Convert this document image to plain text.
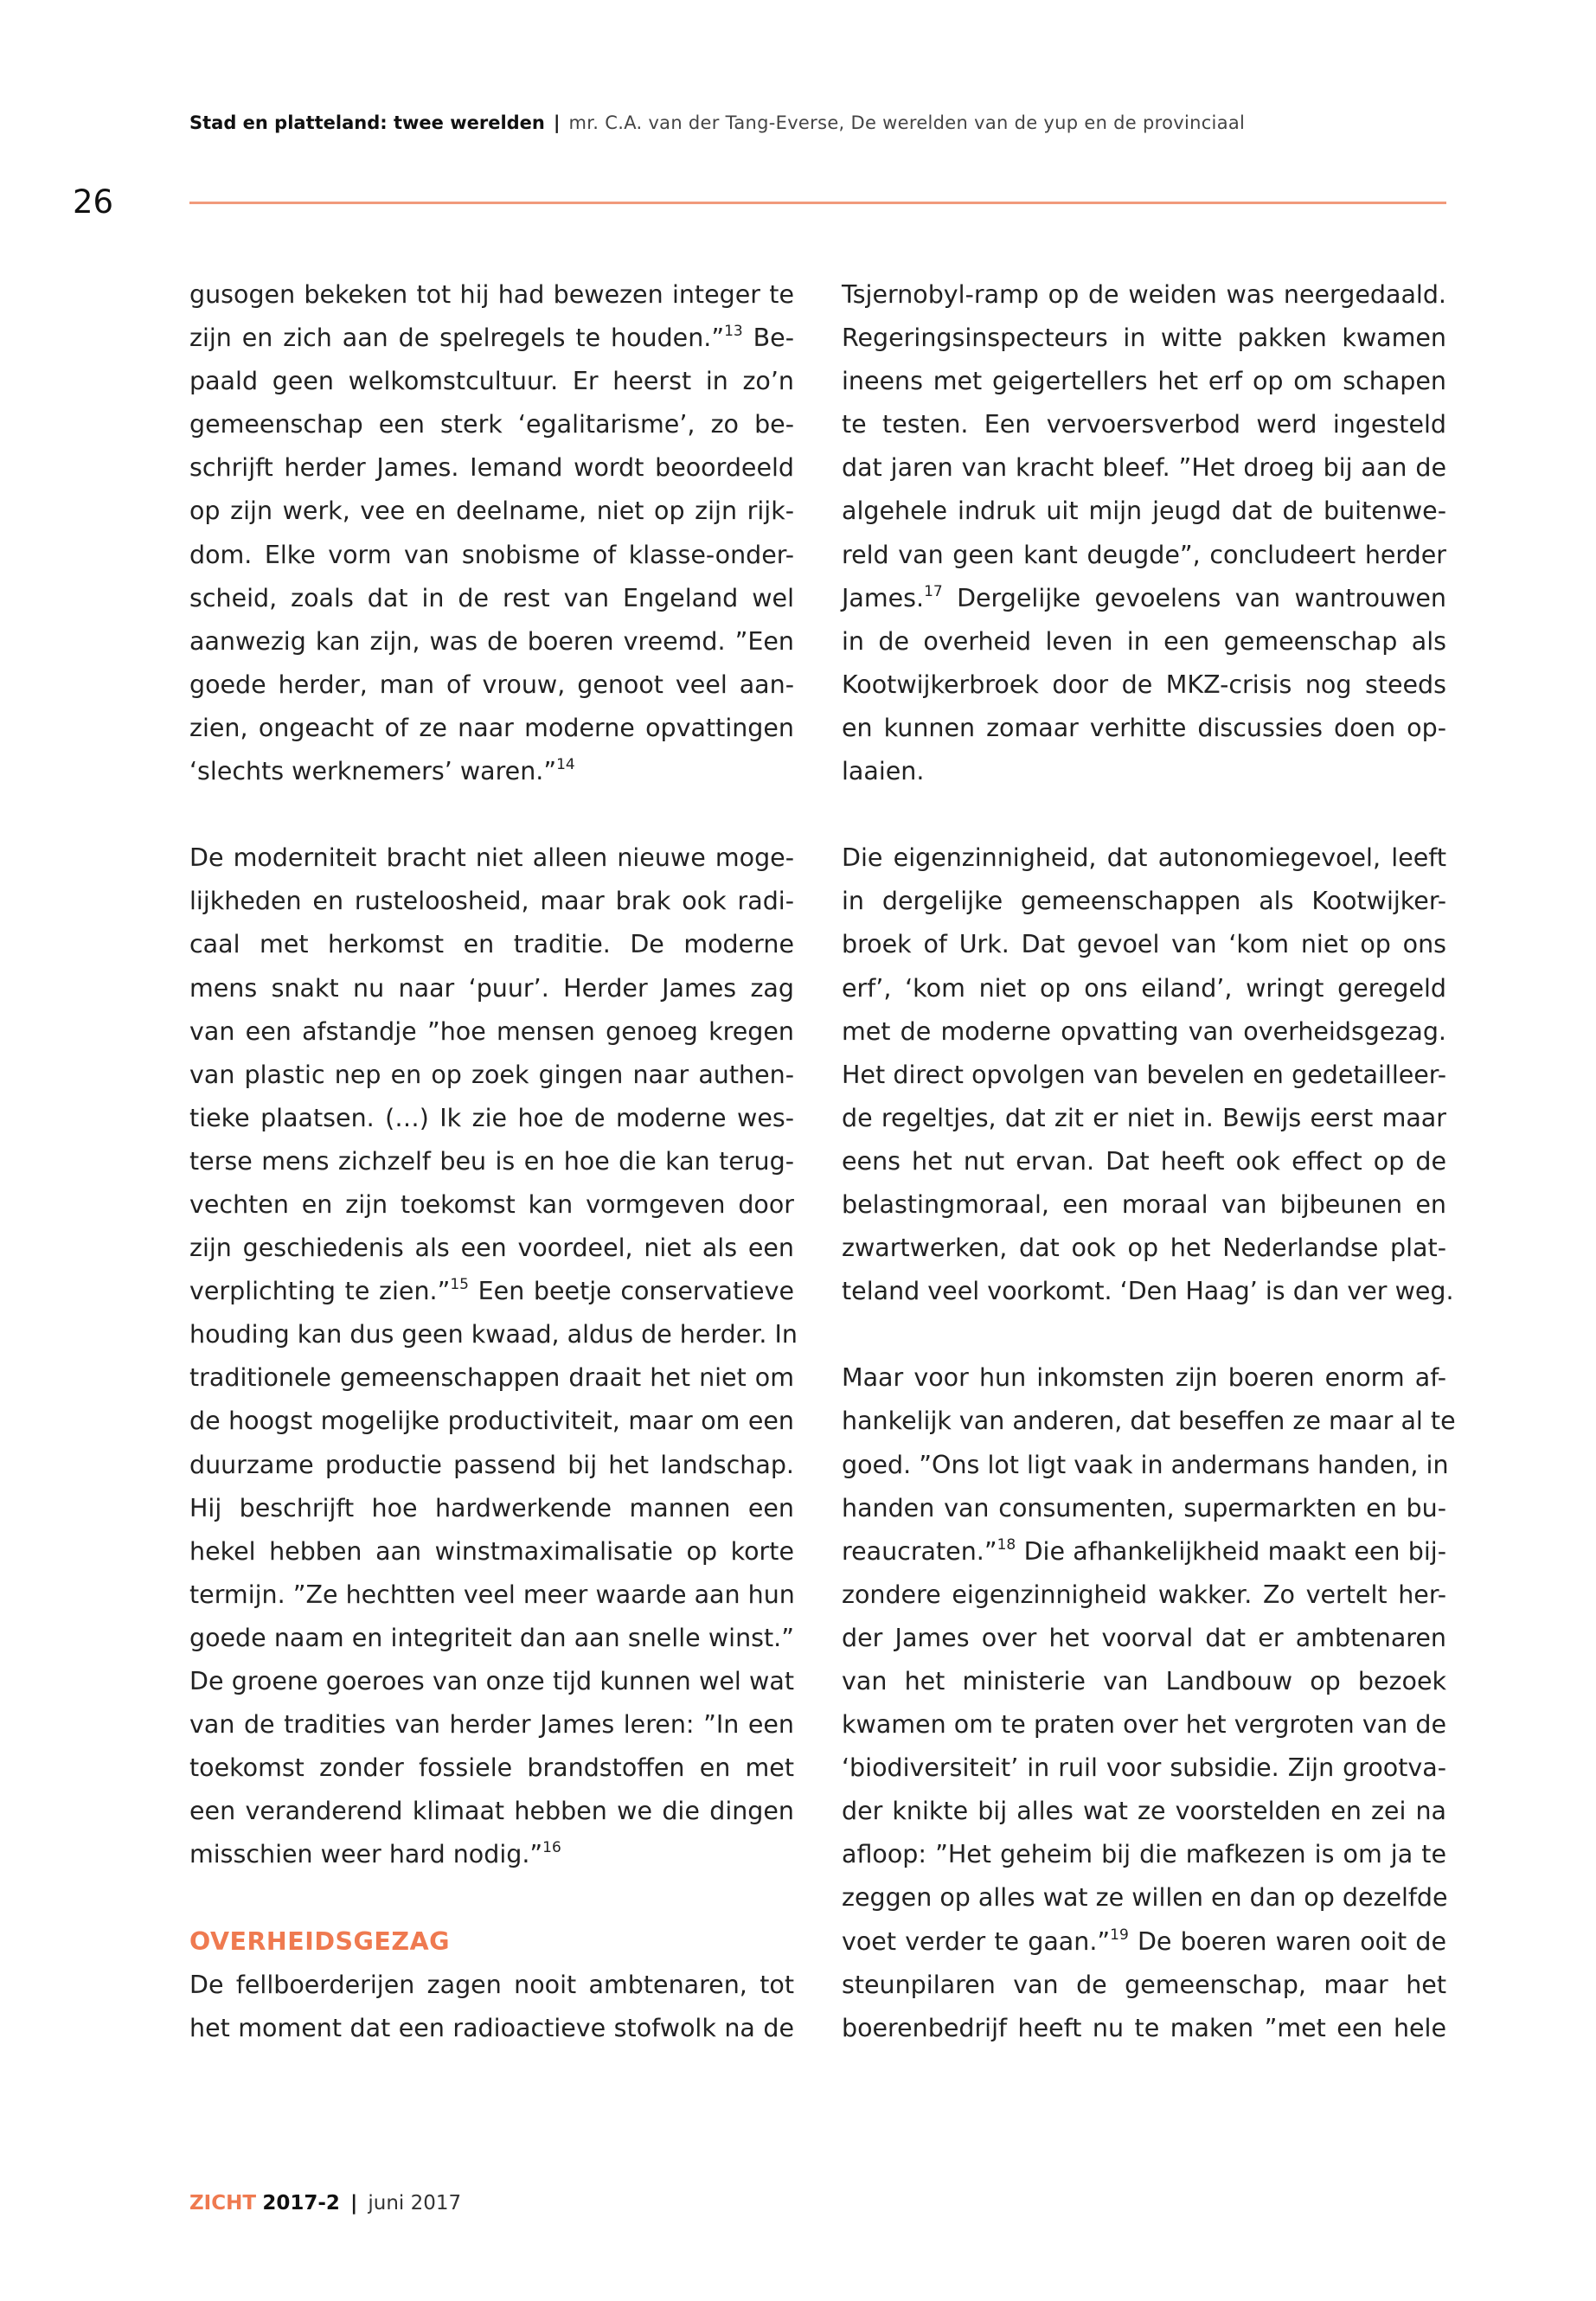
Stad en platteland: twee werelden | mr. C.A. van der Tang-Everse, De werelden van de yup en de provinciaal
26
gusogen bekeken tot hij had bewezen integer te
zijn en zich aan de spelregels te houden.”$^{13}$ Be-
paald geen welkomstcultuur. Er heerst in zo’n
gemeenschap een sterk ‘egalitarisme’, zo be-
schrijft herder James. Iemand wordt beoordeeld
op zijn werk, vee en deelname, niet op zijn rijk-
dom. Elke vorm van snobisme of klasse-onder-
scheid, zoals dat in de rest van Engeland wel
aanwezig kan zijn, was de boeren vreemd. ”Een
goede herder, man of vrouw, genoot veel aan-
zien, ongeacht of ze naar moderne opvattingen
‘slechts werknemers’ waren.”$^{14}$
De moderniteit bracht niet alleen nieuwe moge-
lijkheden en rusteloosheid, maar brak ook radi-
caal met herkomst en traditie. De moderne
mens snakt nu naar ‘puur’. Herder James zag
van een afstandje ”hoe mensen genoeg kregen
van plastic nep en op zoek gingen naar authen-
tieke plaatsen. (…) Ik zie hoe de moderne wes-
terse mens zichzelf beu is en hoe die kan terug-
vechten en zijn toekomst kan vormgeven door
zijn geschiedenis als een voordeel, niet als een
verplichting te zien.”$^{15}$ Een beetje conservatieve
houding kan dus geen kwaad, aldus de herder. In
traditionele gemeenschappen draait het niet om
de hoogst mogelijke productiviteit, maar om een
duurzame productie passend bij het landschap.
Hij beschrijft hoe hardwerkende mannen een
hekel hebben aan winstmaximalisatie op korte
termijn. ”Ze hechtten veel meer waarde aan hun
goede naam en integriteit dan aan snelle winst.”
De groene goeroes van onze tijd kunnen wel wat
van de tradities van herder James leren: ”In een
toekomst zonder fossiele brandstoffen en met
een veranderend klimaat hebben we die dingen
misschien weer hard nodig.”$^{16}$
OVERHEIDSGEZAG
De fellboerderijen zagen nooit ambtenaren, tot
het moment dat een radioactieve stofwolk na de
Tsjernobyl-ramp op de weiden was neergedaald.
Regeringsinspecteurs in witte pakken kwamen
ineens met geigertellers het erf op om schapen
te testen. Een vervoersverbod werd ingesteld
dat jaren van kracht bleef. ”Het droeg bij aan de
algehele indruk uit mijn jeugd dat de buitenwe-
reld van geen kant deugde”, concludeert herder
James.$^{17}$ Dergelijke gevoelens van wantrouwen
in de overheid leven in een gemeenschap als
Kootwijkerbroek door de MKZ-crisis nog steeds
en kunnen zomaar verhitte discussies doen op-
laaien.
Die eigenzinnigheid, dat autonomiegevoel, leeft
in dergelijke gemeenschappen als Kootwijker-
broek of Urk. Dat gevoel van ‘kom niet op ons
erf’, ‘kom niet op ons eiland’, wringt geregeld
met de moderne opvatting van overheidsgezag.
Het direct opvolgen van bevelen en gedetailleer-
de regeltjes, dat zit er niet in. Bewijs eerst maar
eens het nut ervan. Dat heeft ook effect op de
belastingmoraal, een moraal van bijbeunen en
zwartwerken, dat ook op het Nederlandse plat-
teland veel voorkomt. ‘Den Haag’ is dan ver weg.
Maar voor hun inkomsten zijn boeren enorm af-
hankelijk van anderen, dat beseffen ze maar al te
goed. ”Ons lot ligt vaak in andermans handen, in
handen van consumenten, supermarkten en bu-
reaucraten.”$^{18}$ Die afhankelijkheid maakt een bij-
zondere eigenzinnigheid wakker. Zo vertelt her-
der James over het voorval dat er ambtenaren
van het ministerie van Landbouw op bezoek
kwamen om te praten over het vergroten van de
‘biodiversiteit’ in ruil voor subsidie. Zijn grootva-
der knikte bij alles wat ze voorstelden en zei na
afloop: ”Het geheim bij die mafkezen is om ja te
zeggen op alles wat ze willen en dan op dezelfde
voet verder te gaan.”$^{19}$ De boeren waren ooit de
steunpilaren van de gemeenschap, maar het
boerenbedrijf heeft nu te maken ”met een hele
ZICHT 2017-2 | juni 2017
